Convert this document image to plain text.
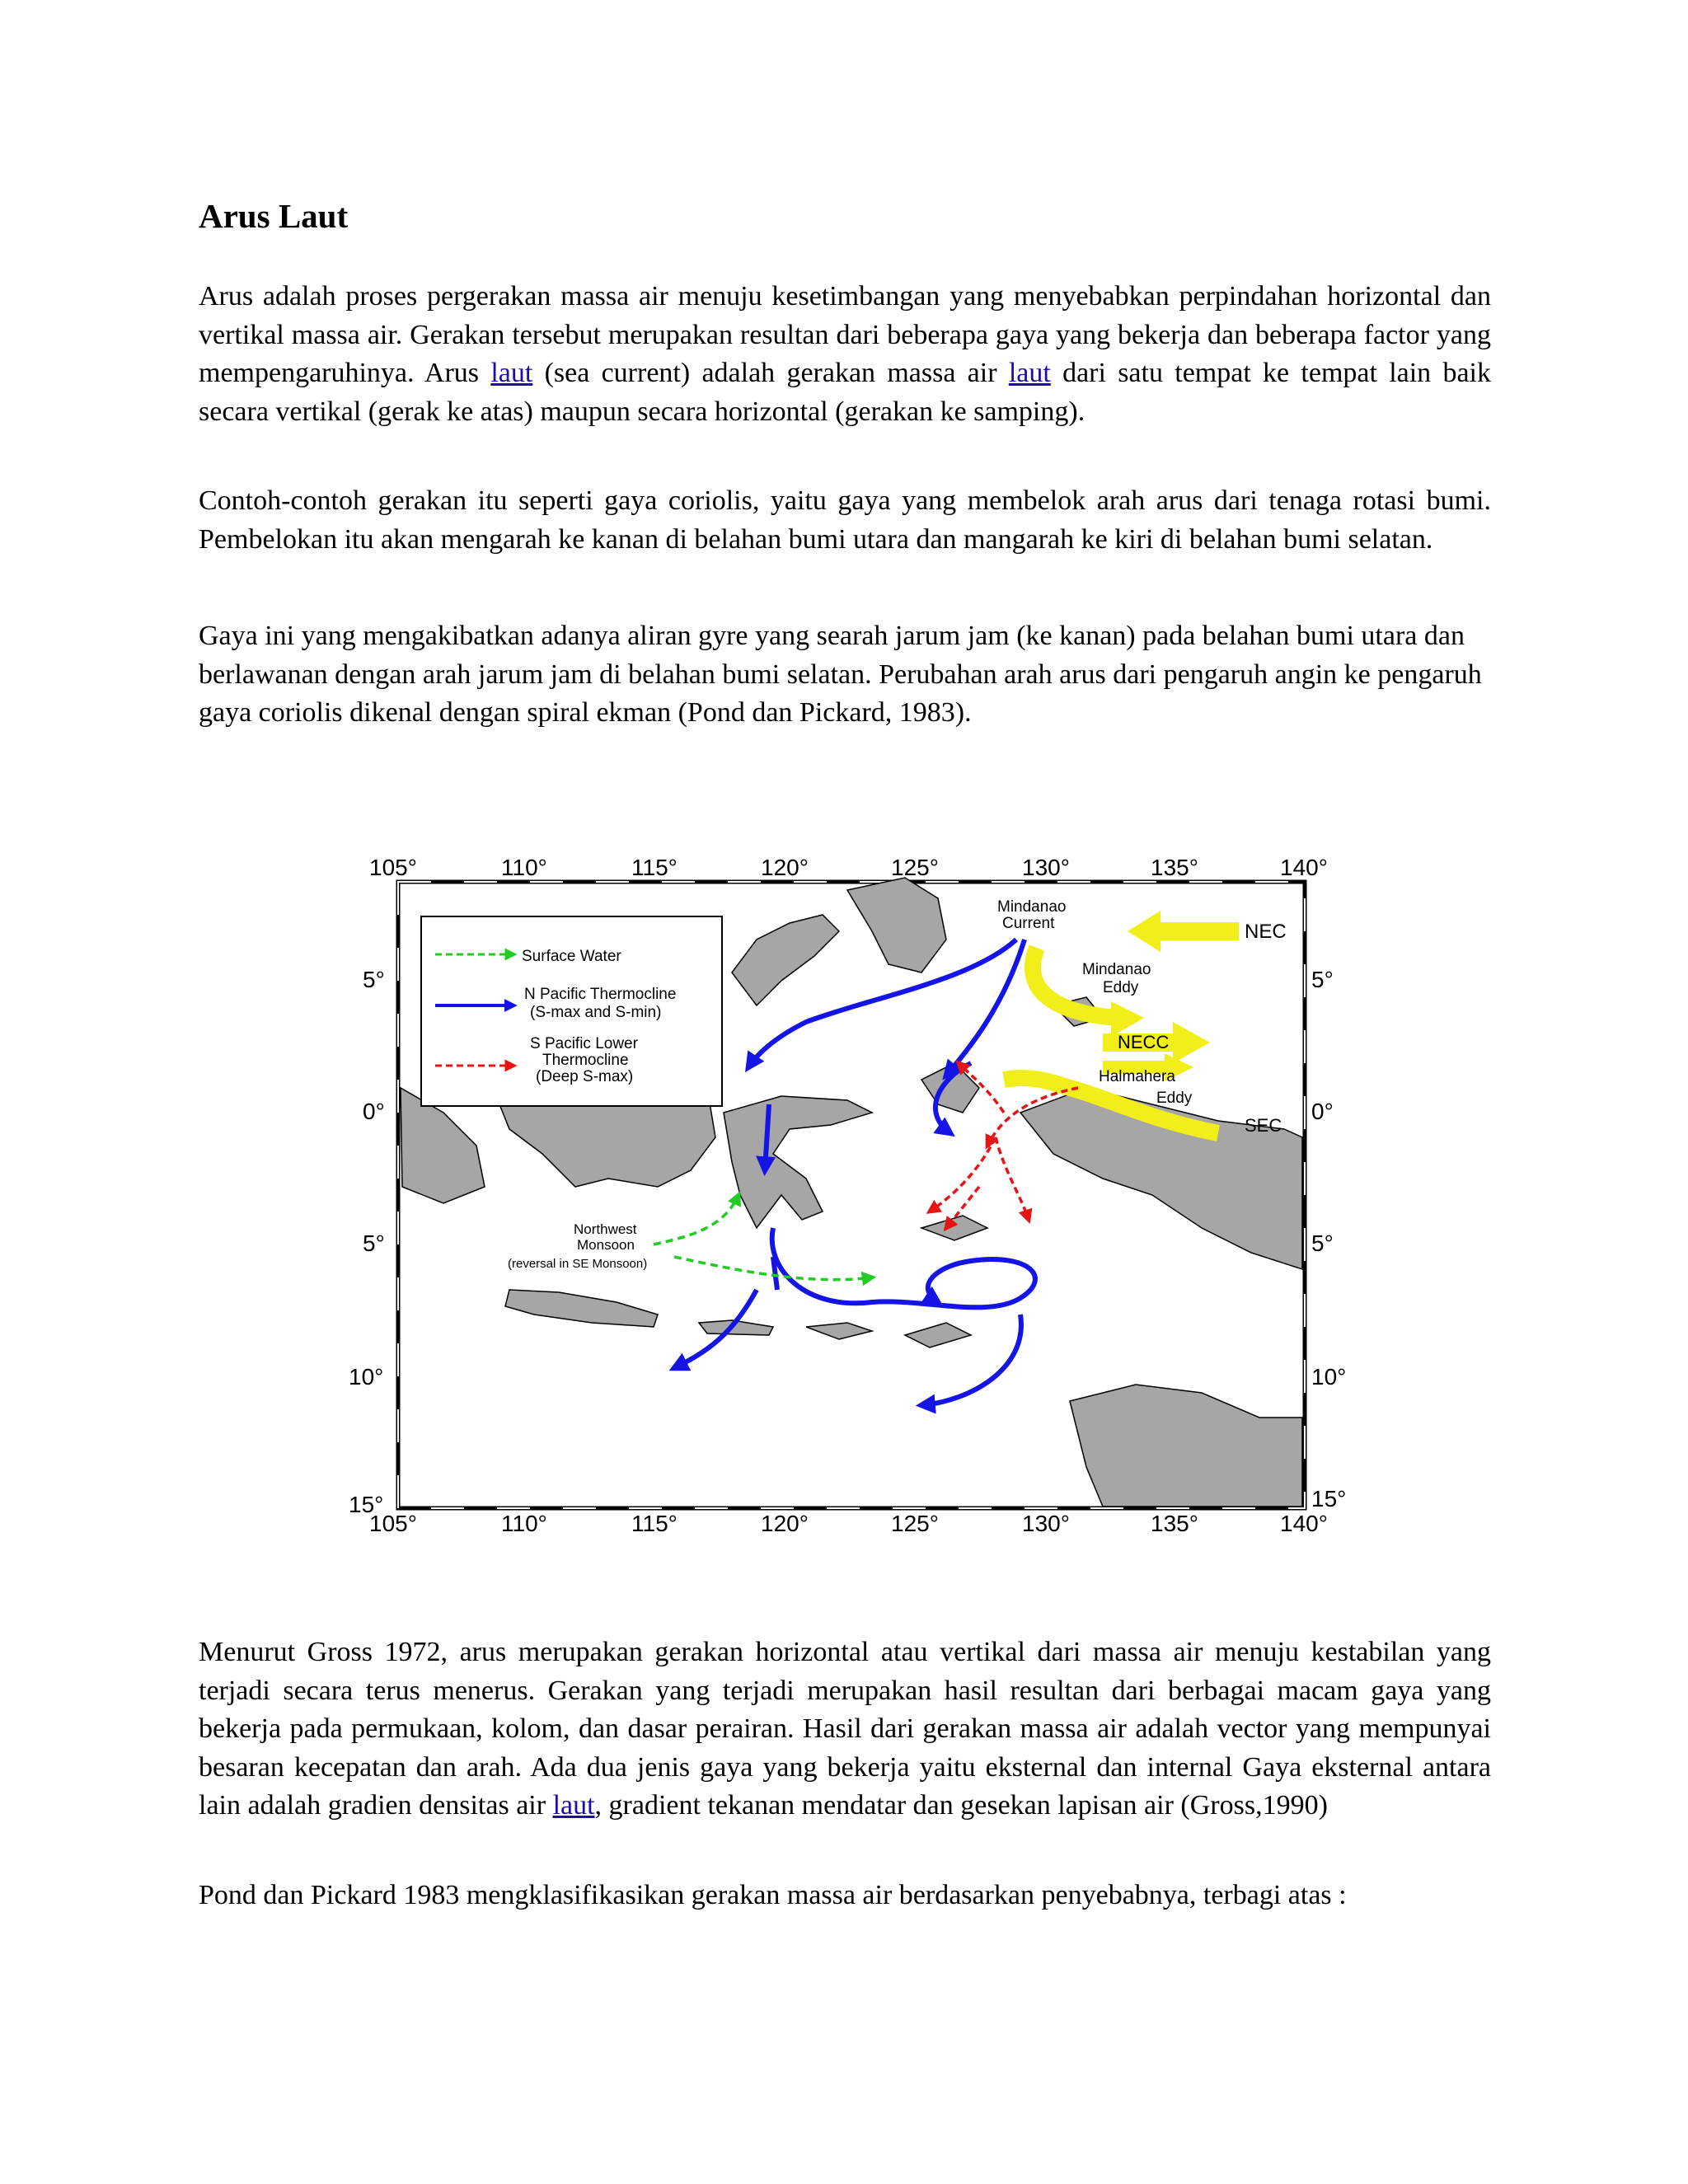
Arus Laut

Arus adalah proses pergerakan massa air menuju kesetimbangan yang menyebabkan perpindahan horizontal dan vertikal massa air. Gerakan tersebut merupakan resultan dari beberapa gaya yang bekerja dan beberapa factor yang mempengaruhinya. Arus laut (sea current) adalah gerakan massa air laut dari satu tempat ke tempat lain baik secara vertikal (gerak ke atas) maupun secara horizontal (gerakan ke samping).

Contoh-contoh gerakan itu seperti gaya coriolis, yaitu gaya yang membelok arah arus dari tenaga rotasi bumi. Pembelokan itu akan mengarah ke kanan di belahan bumi utara dan mangarah ke kiri di belahan bumi selatan.

Gaya ini yang mengakibatkan adanya aliran gyre yang searah jarum jam (ke kanan) pada belahan bumi utara dan berlawanan dengan arah jarum jam di belahan bumi selatan. Perubahan arah arus dari pengaruh angin ke pengaruh gaya coriolis dikenal dengan spiral ekman (Pond dan Pickard, 1983).

Surface Water
N Pacific Thermocline
(S-max and S-min)
S Pacific Lower
Thermocline
(Deep S-max)
Mindanao
Current	NEC
Mindanao
Eddy
NECC
Halmahera
Eddy
SEC
Northwest
Monsoon
(reversal in SE Monsoon)
105°	110°	115°	120°	125°	130°	135°	140°
105°	110°	115°	120°	125°	130°	135°	140°
5°
0°
5°
10°
15°
5°
0°
5°
10°
15°

Menurut Gross 1972, arus merupakan gerakan horizontal atau vertikal dari massa air menuju kestabilan yang terjadi secara terus menerus. Gerakan yang terjadi merupakan hasil resultan dari berbagai macam gaya yang bekerja pada permukaan, kolom, dan dasar perairan. Hasil dari gerakan massa air adalah vector yang mempunyai besaran kecepatan dan arah. Ada dua jenis gaya yang bekerja yaitu eksternal dan internal Gaya eksternal antara lain adalah gradien densitas air laut, gradient tekanan mendatar dan gesekan lapisan air (Gross,1990)

Pond dan Pickard 1983 mengklasifikasikan gerakan massa air berdasarkan penyebabnya, terbagi atas :
